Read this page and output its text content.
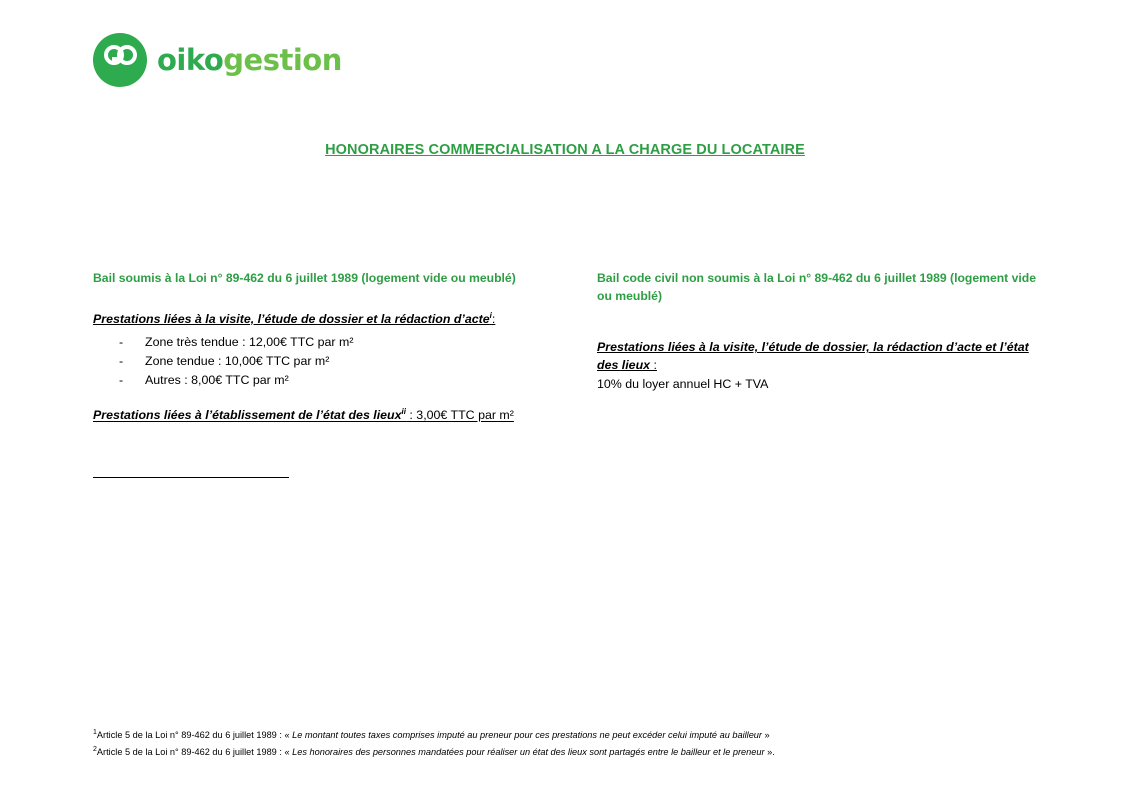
oikogestion
HONORAIRES COMMERCIALISATION A LA CHARGE DU LOCATAIRE
Bail soumis à la Loi n° 89-462 du 6 juillet 1989 (logement vide ou meublé)
Prestations liées à la visite, l’étude de dossier et la rédaction d’acte$^i$:
- Zone très tendue : 12,00€ TTC par m²
- Zone tendue : 10,00€ TTC par m²
- Autres : 8,00€ TTC par m²
Prestations liées à l’établissement de l’état des lieux$^{ii}$ : 3,00€ TTC par m²
Bail code civil non soumis à la Loi n° 89-462 du 6 juillet 1989 (logement vide ou meublé)
Prestations liées à la visite, l’étude de dossier, la rédaction d’acte et l’état des lieux :
10% du loyer annuel HC + TVA

$^1$Article 5 de la Loi n° 89-462 du 6 juillet 1989 : « Le montant toutes taxes comprises imputé au preneur pour ces prestations ne peut excéder celui imputé au bailleur »

$^2$Article 5 de la Loi n° 89-462 du 6 juillet 1989 : « Les honoraires des personnes mandatées pour réaliser un état des lieux sont partagés entre le bailleur et le preneur ».
